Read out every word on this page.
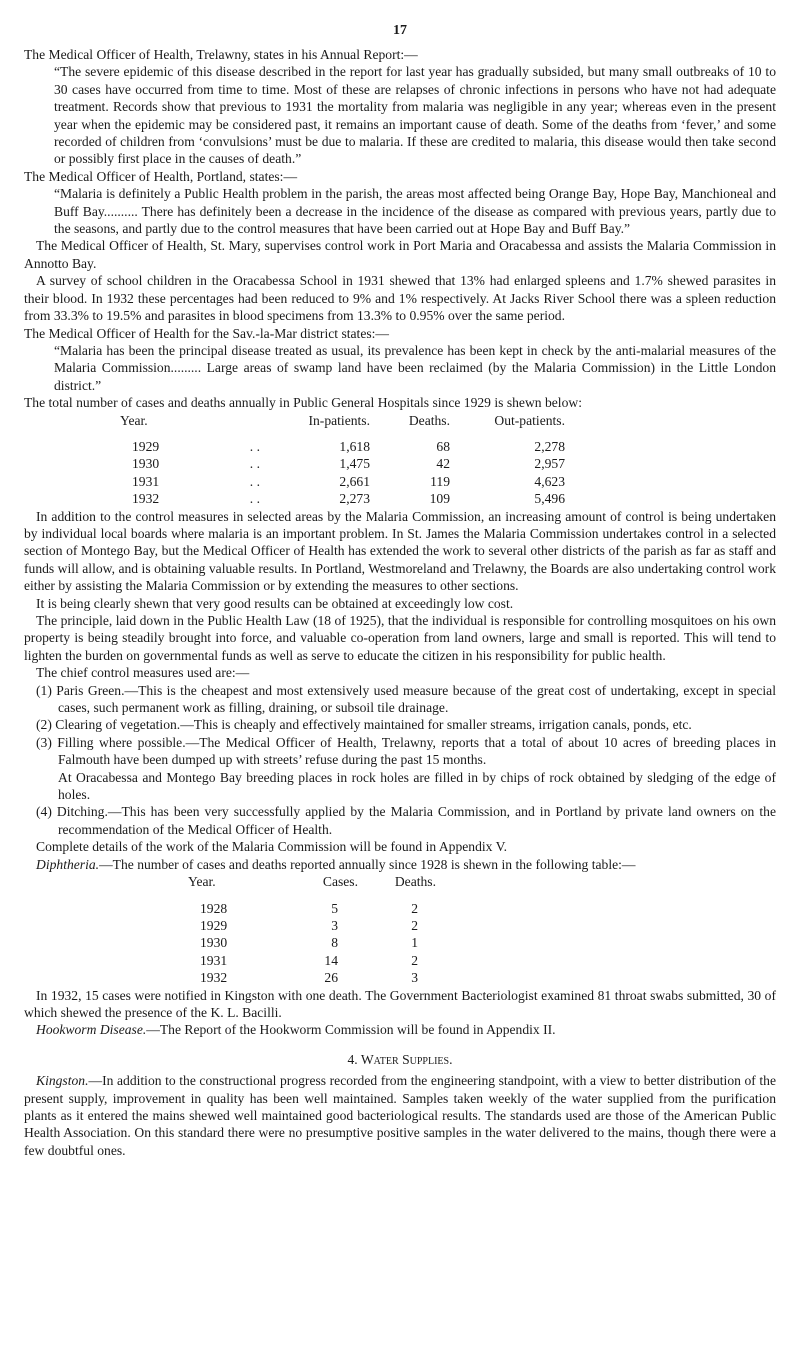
17

The Medical Officer of Health, Trelawny, states in his Annual Report:—

“The severe epidemic of this disease described in the report for last year has gradually subsided, but many small outbreaks of 10 to 30 cases have occurred from time to time. Most of these are relapses of chronic infections in persons who have not had adequate treatment. Records show that previous to 1931 the mortality from malaria was negligible in any year; whereas even in the present year when the epidemic may be considered past, it remains an important cause of death. Some of the deaths from ‘fever,’ and some recorded of children from ‘convulsions’ must be due to malaria. If these are credited to malaria, this disease would then take second or possibly first place in the causes of death.”

The Medical Officer of Health, Portland, states:—

“Malaria is definitely a Public Health problem in the parish, the areas most affected being Orange Bay, Hope Bay, Manchioneal and Buff Bay.......... There has definitely been a decrease in the incidence of the disease as compared with previous years, partly due to the seasons, and partly due to the control measures that have been carried out at Hope Bay and Buff Bay.”

The Medical Officer of Health, St. Mary, supervises control work in Port Maria and Oracabessa and assists the Malaria Commission in Annotto Bay.

A survey of school children in the Oracabessa School in 1931 shewed that 13% had enlarged spleens and 1.7% shewed parasites in their blood. In 1932 these percentages had been reduced to 9% and 1% respectively. At Jacks River School there was a spleen reduction from 33.3% to 19.5% and parasites in blood specimens from 13.3% to 0.95% over the same period.

The Medical Officer of Health for the Sav.-la-Mar district states:—

“Malaria has been the principal disease treated as usual, its prevalence has been kept in check by the anti-malarial measures of the Malaria Commission......... Large areas of swamp land have been reclaimed (by the Malaria Commission) in the Little London district.”

The total number of cases and deaths annually in Public General Hospitals since 1929 is shewn below:

Year.			In-patients.	Deaths.	Out-patients.

1929	. .		1,618	68	2,278
1930	. .		1,475	42	2,957
1931	. .		2,661	119	4,623
1932	. .		2,273	109	5,496

In addition to the control measures in selected areas by the Malaria Commission, an increasing amount of control is being undertaken by individual local boards where malaria is an important problem. In St. James the Malaria Commission undertakes control in a selected section of Montego Bay, but the Medical Officer of Health has extended the work to several other districts of the parish as far as staff and funds will allow, and is obtaining valuable results. In Portland, Westmoreland and Trelawny, the Boards are also undertaking control work either by assisting the Malaria Commission or by extending the measures to other sections.

It is being clearly shewn that very good results can be obtained at exceedingly low cost.

The principle, laid down in the Public Health Law (18 of 1925), that the individual is responsible for controlling mosquitoes on his own property is being steadily brought into force, and valuable co-operation from land owners, large and small is reported. This will tend to lighten the burden on governmental funds as well as serve to educate the citizen in his responsibility for public health.

The chief control measures used are:—

(1) Paris Green.—This is the cheapest and most extensively used measure because of the great cost of undertaking, except in special cases, such permanent work as filling, draining, or subsoil tile drainage.

(2) Clearing of vegetation.—This is cheaply and effectively maintained for smaller streams, irrigation canals, ponds, etc.

(3) Filling where possible.—The Medical Officer of Health, Trelawny, reports that a total of about 10 acres of breeding places in Falmouth have been dumped up with streets’ refuse during the past 15 months.

At Oracabessa and Montego Bay breeding places in rock holes are filled in by chips of rock obtained by sledging of the edge of holes.

(4) Ditching.—This has been very successfully applied by the Malaria Commission, and in Portland by private land owners on the recommendation of the Medical Officer of Health.

Complete details of the work of the Malaria Commission will be found in Appendix V.

Diphtheria.—The number of cases and deaths reported annually since 1928 is shewn in the following table:—

Year.	Cases.	Deaths.

1928	5	2
1929	3	2
1930	8	1
1931	14	2
1932	26	3

In 1932, 15 cases were notified in Kingston with one death. The Government Bacteriologist examined 81 throat swabs submitted, 30 of which shewed the presence of the K. L. Bacilli.

Hookworm Disease.—The Report of the Hookworm Commission will be found in Appendix II.

4. Water Supplies.

Kingston.—In addition to the constructional progress recorded from the engineering standpoint, with a view to better distribution of the present supply, improvement in quality has been well maintained. Samples taken weekly of the water supplied from the purification plants as it entered the mains shewed well maintained good bacteriological results. The standards used are those of the American Public Health Association. On this standard there were no presumptive positive samples in the water delivered to the mains, though there were a few doubtful ones.
